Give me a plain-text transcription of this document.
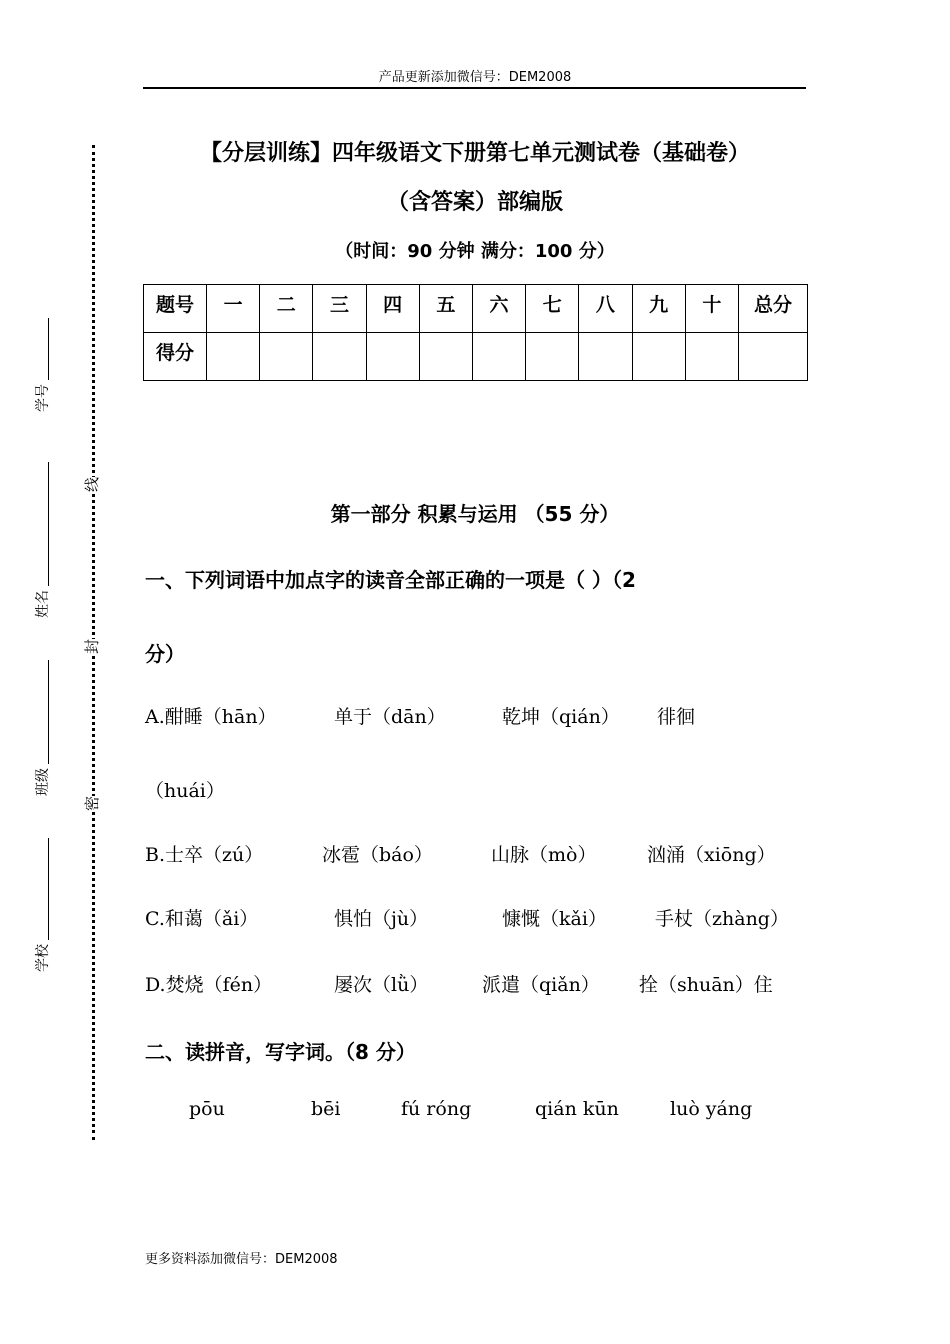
产品更新添加微信号：DEM2008
线
封
密
学号
姓名
班级
学校
【分层训练】四年级语文下册第七单元测试卷（基础卷）
（含答案）部编版
（时间：90 分钟 满分：100 分）
题号	一	二	三	四	五	六	七	八	九	十	总分
得分											
第一部分 积累与运用 （55 分）
一、下列词语中加点字的读音全部正确的一项是（ ）（2
分）
A.酣睡（hān）	单于（dān）	乾坤（qián） 徘徊
（huái）
B.士卒（zú）	冰雹（báo）	山脉（mò）	汹涌（xiōng）
C.和蔼（ǎi）	惧怕（jù）	慷慨（kǎi）	手杖（zhàng）
D.焚烧（fén）	屡次（lǜ）	派遣（qiǎn） 拴（shuān）住
二、读拼音，写字词。（8 分）
pōu	bēi	fú róng	qián kūn	luò yáng
更多资料添加微信号：DEM2008
